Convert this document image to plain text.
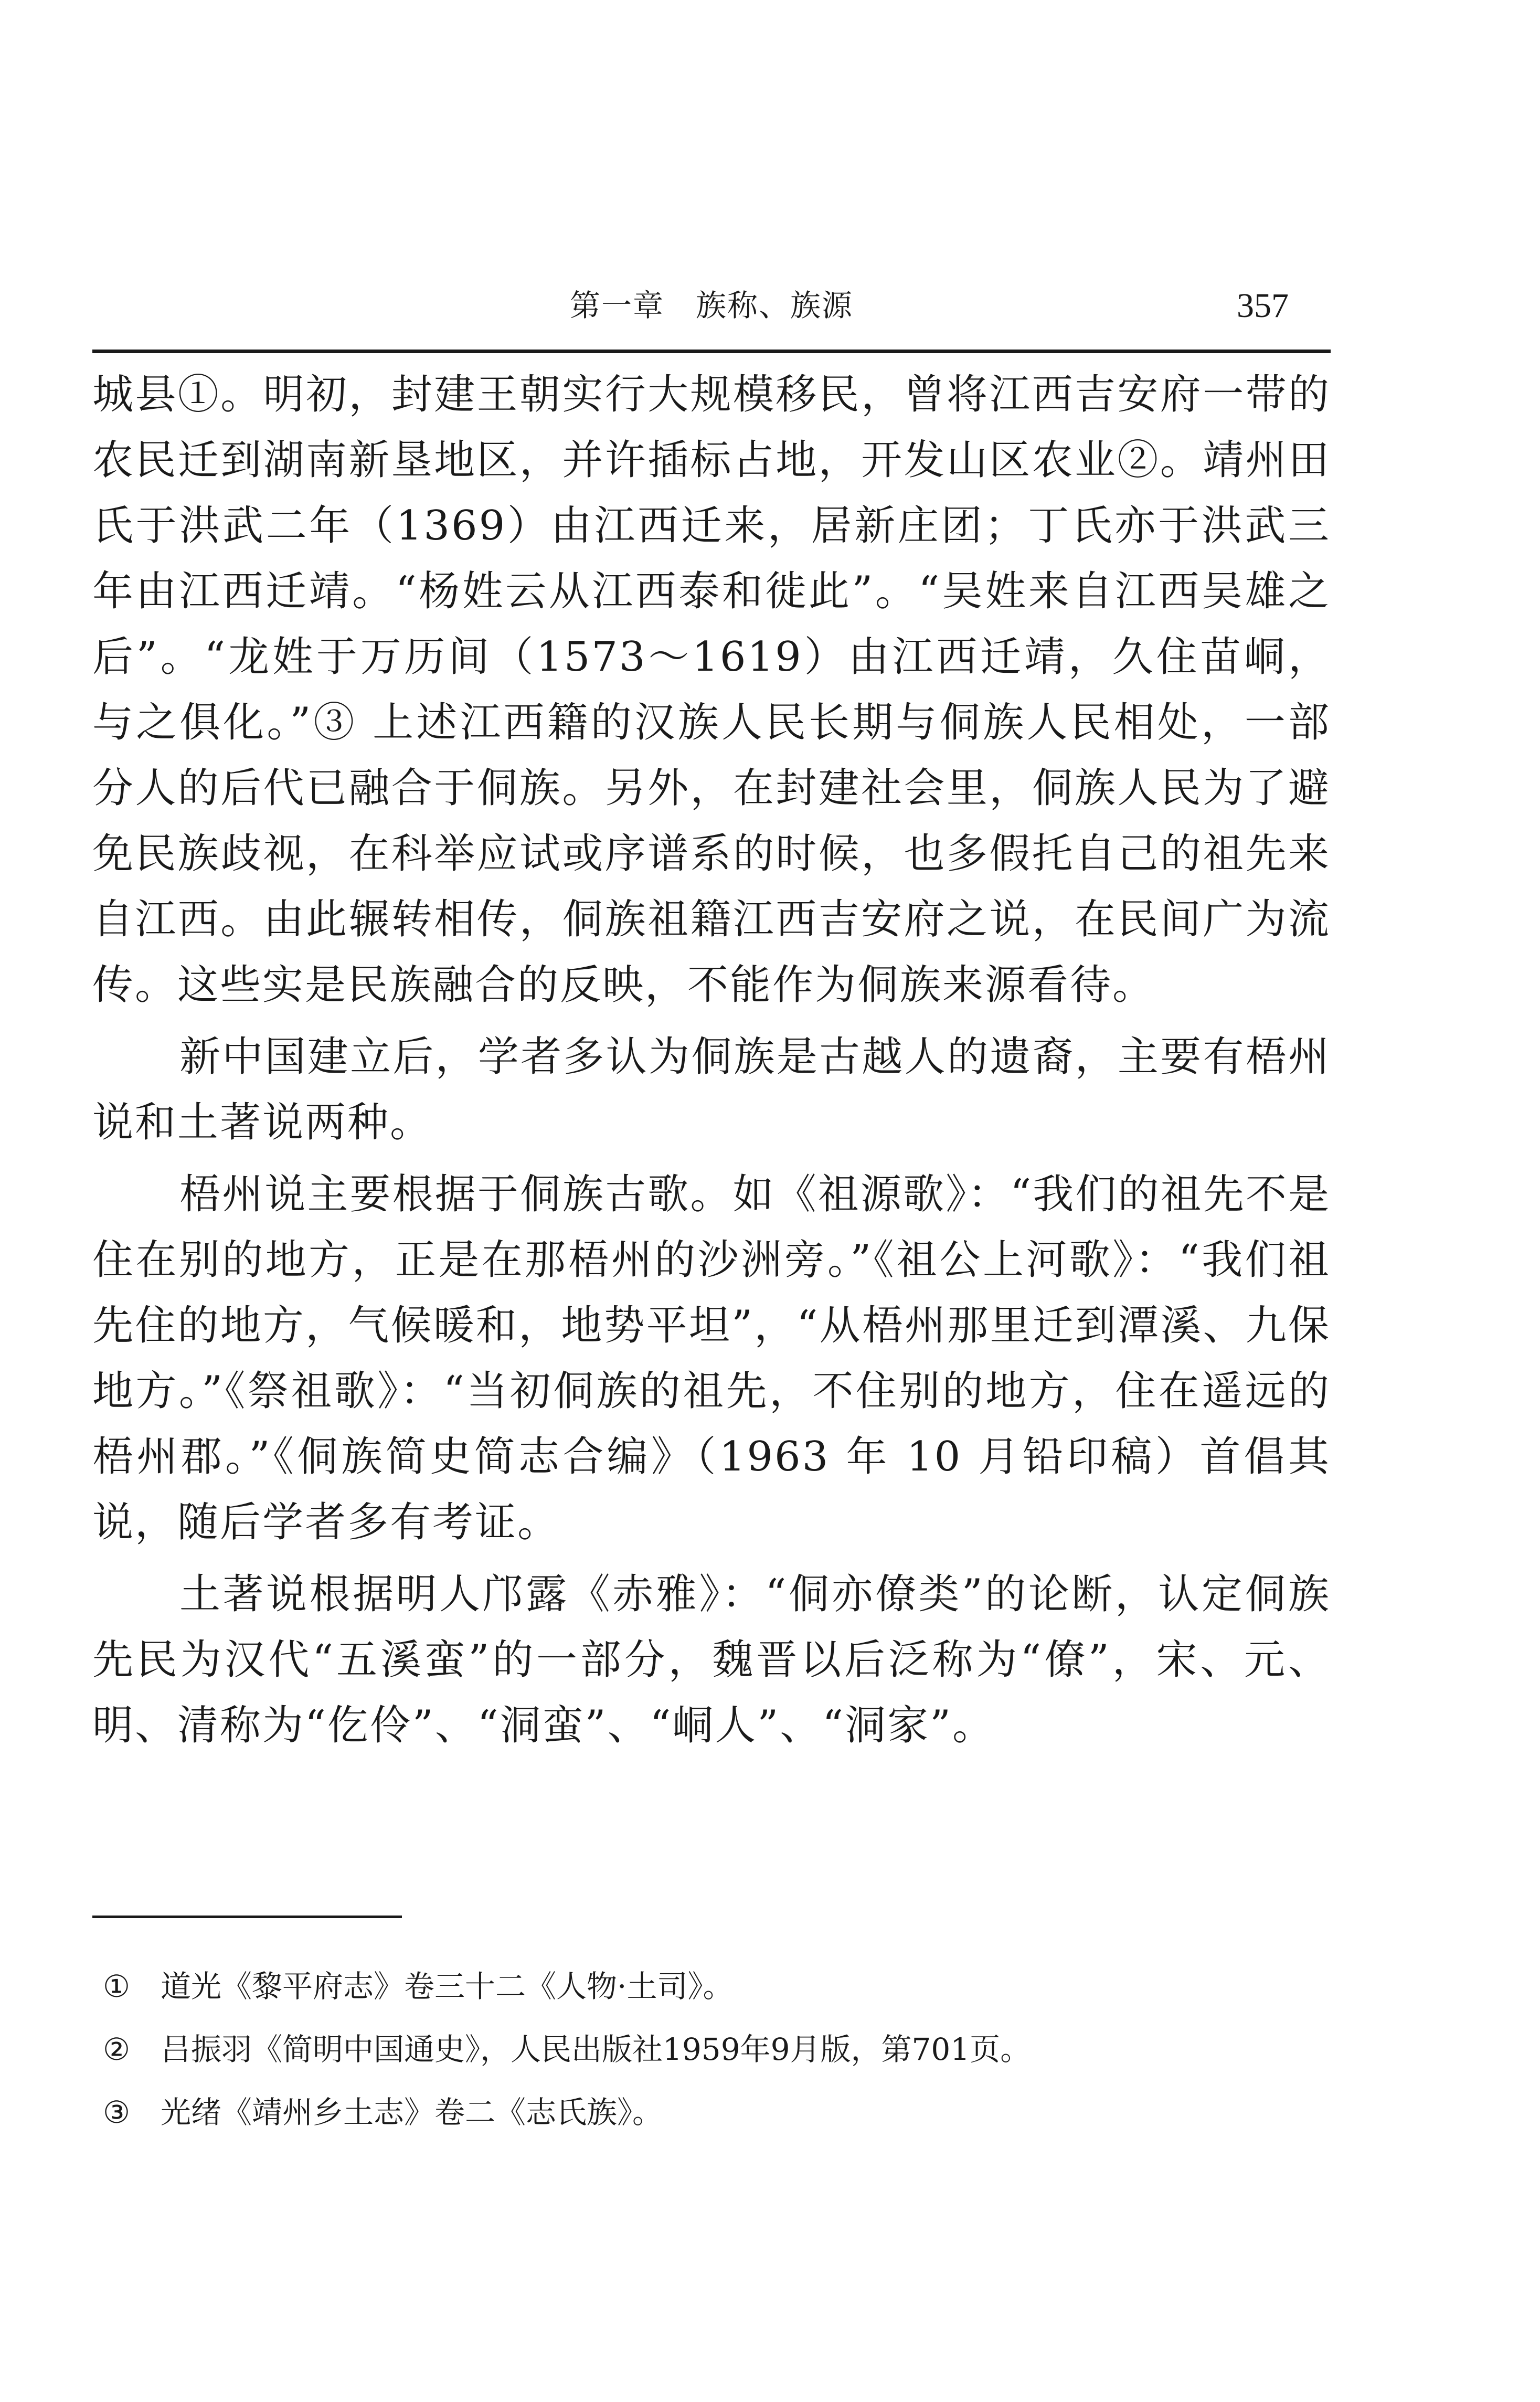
第一章　族称、族源	357

城县①。明初，封建王朝实行大规模移民，曾将江西吉安府一带的农民迁到湖南新垦地区，并许插标占地，开发山区农业②。靖州田氏于洪武二年（1369）由江西迁来，居新庄团；丁氏亦于洪武三年由江西迁靖。“杨姓云从江西泰和徙此”。“吴姓来自江西吴雄之后”。“龙姓于万历间（1573～1619）由江西迁靖，久住苗峒，与之俱化。”③ 上述江西籍的汉族人民长期与侗族人民相处，一部分人的后代已融合于侗族。另外，在封建社会里，侗族人民为了避免民族歧视，在科举应试或序谱系的时候，也多假托自己的祖先来自江西。由此辗转相传，侗族祖籍江西吉安府之说，在民间广为流传。这些实是民族融合的反映，不能作为侗族来源看待。

新中国建立后，学者多认为侗族是古越人的遗裔，主要有梧州说和土著说两种。

梧州说主要根据于侗族古歌。如《祖源歌》：“我们的祖先不是住在别的地方，正是在那梧州的沙洲旁。”《祖公上河歌》：“我们祖先住的地方，气候暖和，地势平坦”，“从梧州那里迁到潭溪、九保地方。”《祭祖歌》：“当初侗族的祖先，不住别的地方，住在遥远的梧州郡。”《侗族简史简志合编》（1963 年 10 月铅印稿）首倡其说，随后学者多有考证。

土著说根据明人邝露《赤雅》：“侗亦僚类”的论断，认定侗族先民为汉代“五溪蛮”的一部分，魏晋以后泛称为“僚”，宋、元、明、清称为“仡伶”、“洞蛮”、“峒人”、“洞家”。

① 道光《黎平府志》卷三十二《人物·土司》。
② 吕振羽《简明中国通史》，人民出版社1959年9月版，第701页。
③ 光绪《靖州乡土志》卷二《志氏族》。
